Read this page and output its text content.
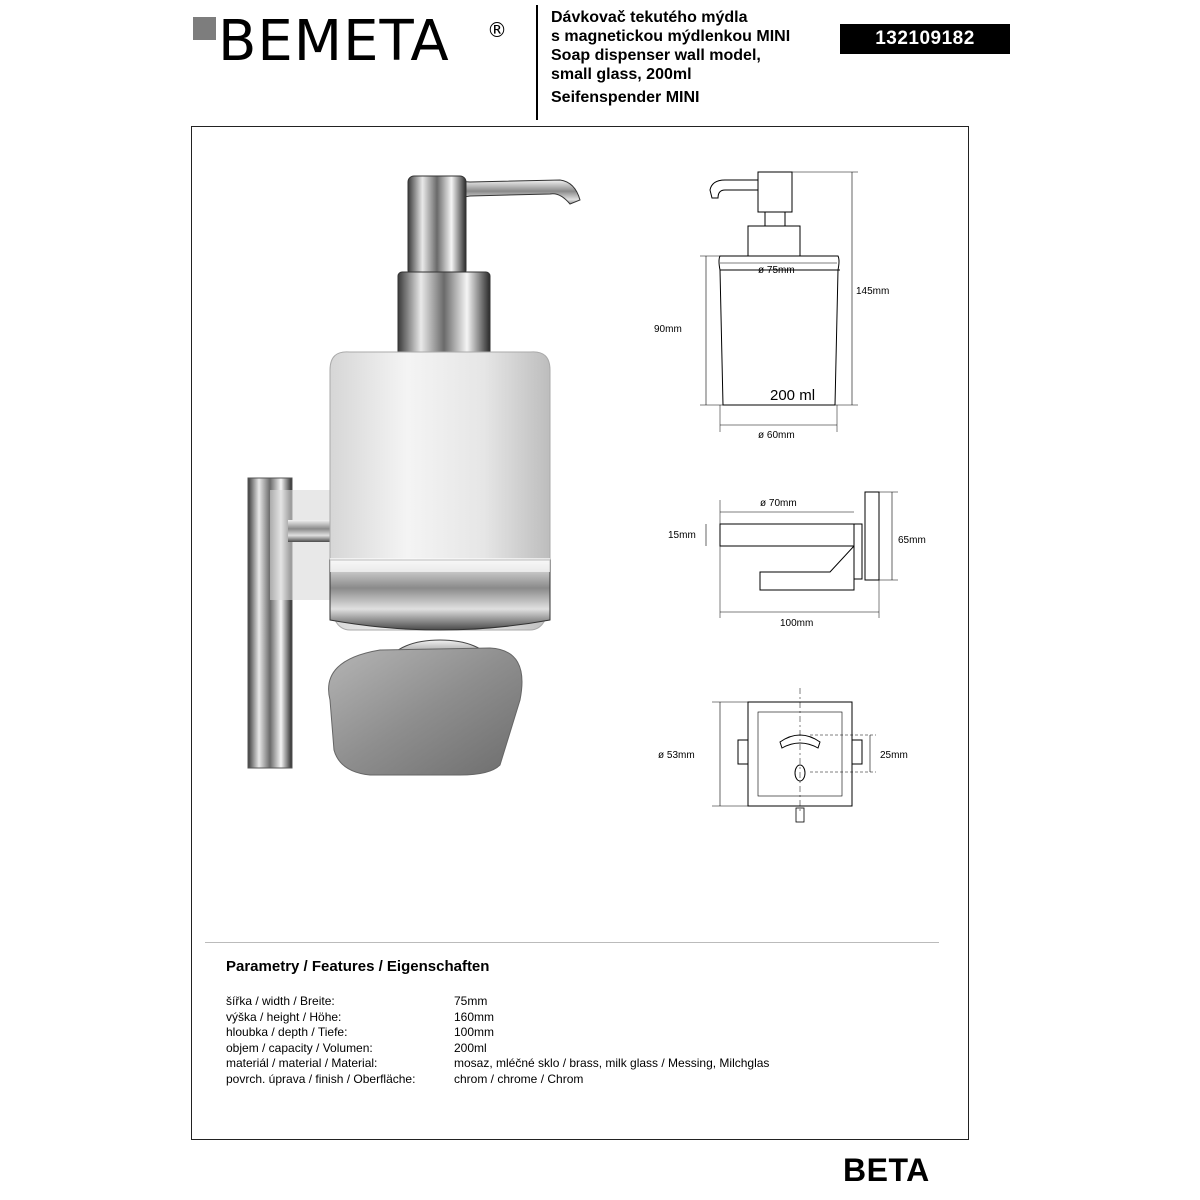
BEMETA ®
Dávkovač tekutého mýdla
s magnetickou mýdlenkou MINI
Soap dispenser wall model,
small glass, 200ml
Seifenspender MINI
132109182
ø 75mm
90mm
145mm
200 ml
ø 60mm
ø 70mm
15mm	65mm
100mm
ø 53mm	25mm
Parametry / Features / Eigenschaften
šířka / width / Breite:	75mm
výška / height / Höhe:	160mm
hloubka / depth / Tiefe:	100mm
objem / capacity / Volumen:	200ml
materiál / material / Material:	mosaz, mléčné sklo / brass, milk glass / Messing, Milchglas
povrch. úprava / finish / Oberfläche:	chrom / chrome / Chrom
BETA
